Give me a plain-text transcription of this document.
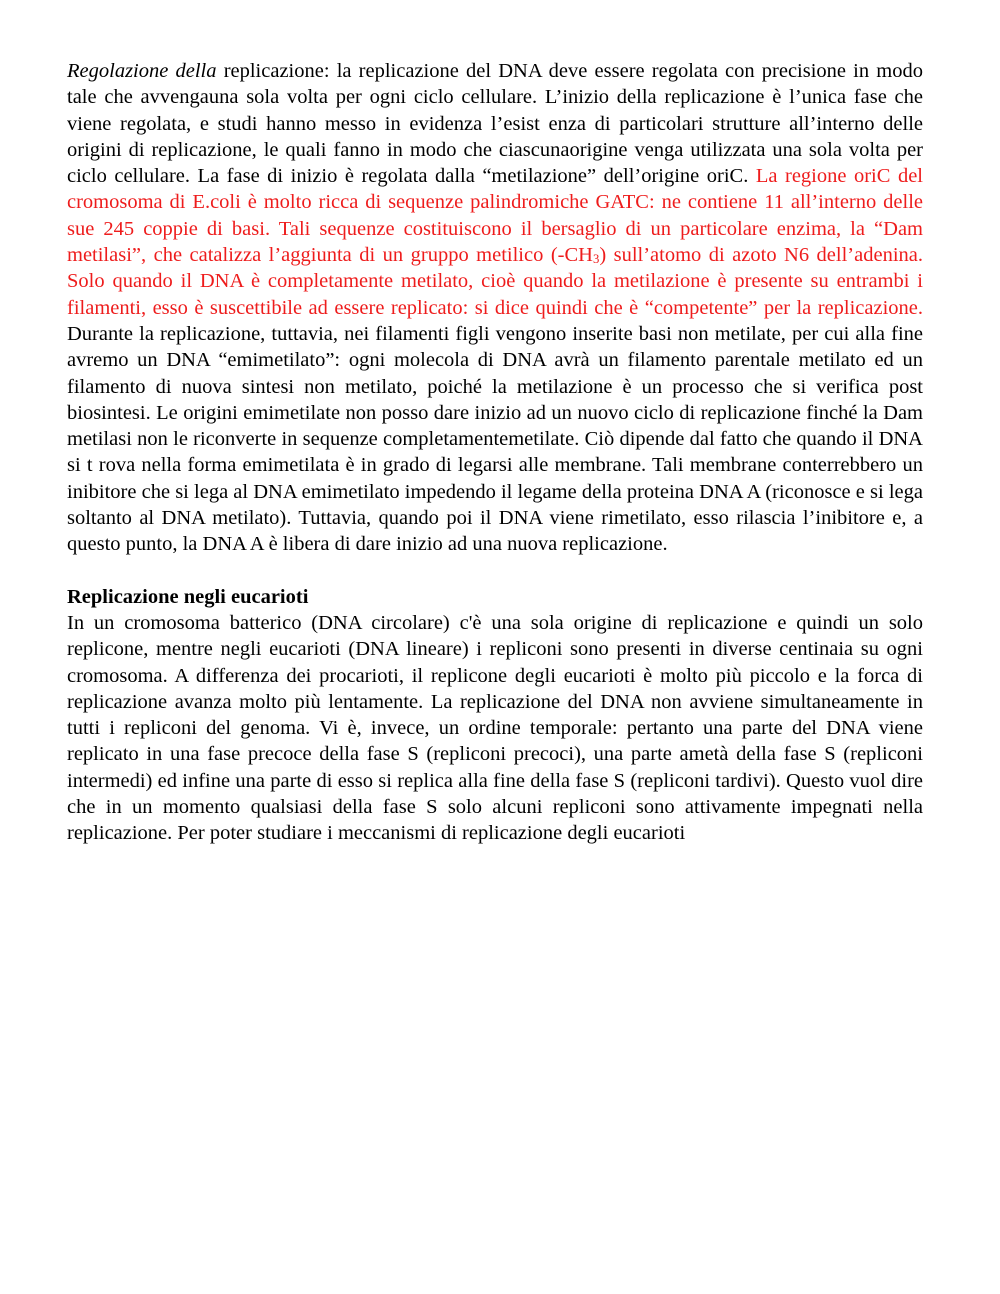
Regolazione della replicazione: la replicazione del DNA deve essere regolata con precisione in modo tale che avvengauna sola volta per ogni ciclo cellulare. L’inizio della replicazione è l’unica fase che viene regolata, e studi hanno messo in evidenza l’esist enza di particolari strutture all’interno delle origini di replicazione, le quali fanno in modo che ciascunaorigine venga utilizzata una sola volta per ciclo cellulare. La fase di inizio è regolata dalla “metilazione” dell’origine oriC. La regione oriC del cromosoma di E.coli è molto ricca di sequenze palindromiche GATC: ne contiene 11 all’interno delle sue 245 coppie di basi. Tali sequenze costituiscono il bersaglio di un particolare enzima, la “Dam metilasi”, che catalizza l’aggiunta di un gruppo metilico $(-CH_3)$ sull’atomo di azoto N6 dell’adenina. Solo quando il DNA è completamente metilato, cioè quando la metilazione è presente su entrambi i filamenti, esso è suscettibile ad essere replicato: si dice quindi che è “competente” per la replicazione. Durante la replicazione, tuttavia, nei filamenti figli vengono inserite basi non metilate, per cui alla fine avremo un DNA “emimetilato”: ogni molecola di DNA avrà un filamento parentale metilato ed un filamento di nuova sintesi non metilato, poiché la metilazione è un processo che si verifica post biosintesi. Le origini emimetilate non posso dare inizio ad un nuovo ciclo di replicazione finché la Dam metilasi non le riconverte in sequenze completamentemetilate. Ciò dipende dal fatto che quando il DNA si t rova nella forma emimetilata è in grado di legarsi alle membrane. Tali membrane conterrebbero un inibitore che si lega al DNA emimetilato impedendo il legame della proteina DNA A (riconosce e si lega soltanto al DNA metilato). Tuttavia, quando poi il DNA viene rimetilato, esso rilascia l’inibitore e, a questo punto, la DNA A è libera di dare inizio ad una nuova replicazione.

Replicazione negli eucarioti

In un cromosoma batterico (DNA circolare) c'è una sola origine di replicazione e quindi un solo replicone, mentre negli eucarioti (DNA lineare) i repliconi sono presenti in diverse centinaia su ogni cromosoma. A differenza dei procarioti, il replicone degli eucarioti è molto più piccolo e la forca di replicazione avanza molto più lentamente. La replicazione del DNA non avviene simultaneamente in tutti i repliconi del genoma. Vi è, invece, un ordine temporale: pertanto una parte del DNA viene replicato in una fase precoce della fase S (repliconi precoci), una parte ametà della fase S (repliconi intermedi) ed infine una parte di esso si replica alla fine della fase S (repliconi tardivi). Questo vuol dire che in un momento qualsiasi della fase S solo alcuni repliconi sono attivamente impegnati nella replicazione. Per poter studiare i meccanismi di replicazione degli eucarioti
